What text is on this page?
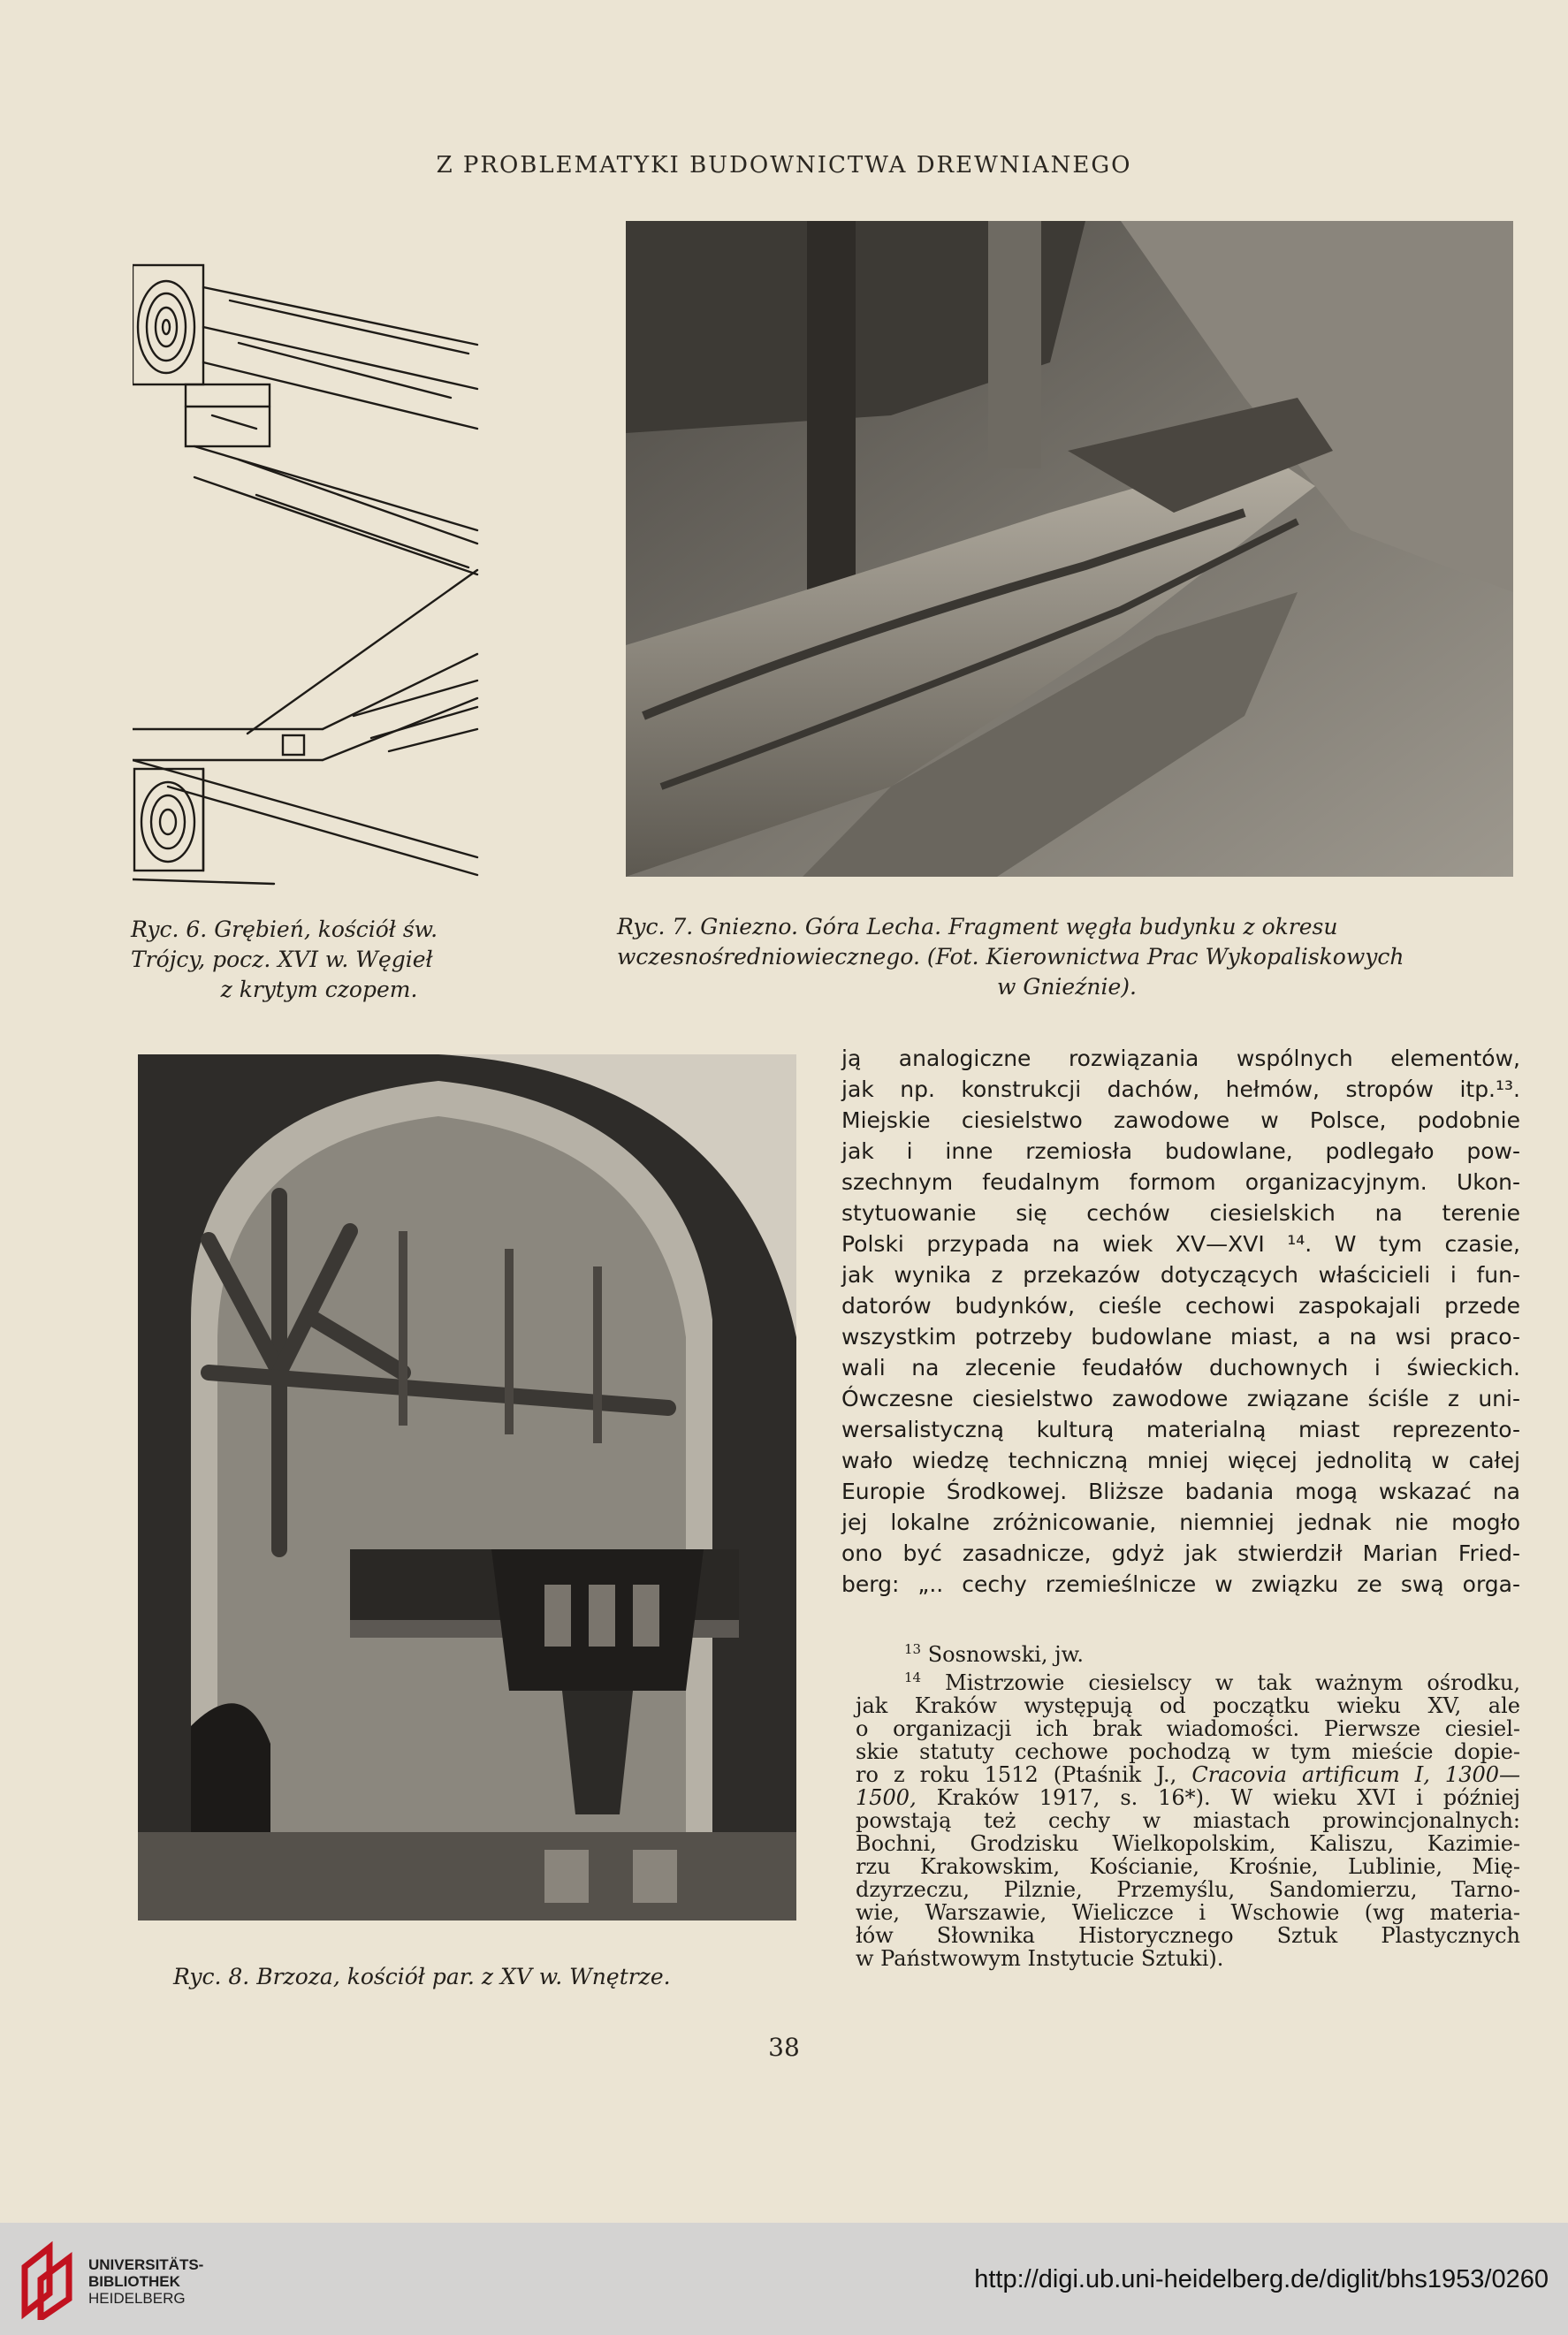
Z PROBLEMATYKI BUDOWNICTWA DREWNIANEGO
Ryc. 6. Grębień, kościół św.
Trójcy, pocz. XVI w. Węgieł
z krytym czopem.
Ryc. 7. Gniezno. Góra Lecha. Fragment węgła budynku z okresu
wczesnośredniowiecznego. (Fot. Kierownictwa Prac Wykopaliskowych
w Gnieźnie).
Ryc. 8. Brzoza, kościół par. z XV w. Wnętrze.

ją analogiczne rozwiązania wspólnych elementów,

jak np. konstrukcji dachów, hełmów, stropów itp.¹³.

Miejskie ciesielstwo zawodowe w Polsce, podobnie

jak i inne rzemiosła budowlane, podlegało pow-

szechnym feudalnym formom organizacyjnym. Ukon-

stytuowanie się cechów ciesielskich na terenie

Polski przypada na wiek XV—XVI ¹⁴. W tym czasie,

jak wynika z przekazów dotyczących właścicieli i fun-

datorów budynków, cieśle cechowi zaspokajali przede

wszystkim potrzeby budowlane miast, a na wsi praco-

wali na zlecenie feudałów duchownych i świeckich.

Ówczesne ciesielstwo zawodowe związane ściśle z uni-

wersalistyczną kulturą materialną miast reprezento-

wało wiedzę techniczną mniej więcej jednolitą w całej

Europie Środkowej. Bliższe badania mogą wskazać na

jej lokalne zróżnicowanie, niemniej jednak nie mogło

ono być zasadnicze, gdyż jak stwierdził Marian Fried-

berg: „.. cechy rzemieślnicze w związku ze swą orga-

$^{13}$ Sosnowski, jw.

$^{14}$ Mistrzowie ciesielscy w tak ważnym ośrodku,

jak Kraków występują od początku wieku XV, ale

o organizacji ich brak wiadomości. Pierwsze ciesiel-

skie statuty cechowe pochodzą w tym mieście dopie-

ro z roku 1512 (Ptaśnik J., Cracovia artificum I, 1300—

1500, Kraków 1917, s. 16*). W wieku XVI i później

powstają też cechy w miastach prowincjonalnych:

Bochni, Grodzisku Wielkopolskim, Kaliszu, Kazimie-

rzu Krakowskim, Kościanie, Krośnie, Lublinie, Mię-

dzyrzeczu, Pilznie, Przemyślu, Sandomierzu, Tarno-

wie, Warszawie, Wieliczce i Wschowie (wg materia-

łów Słownika Historycznego Sztuk Plastycznych

w Państwowym Instytucie Sztuki).

38
UNIVERSITÄTS-
BIBLIOTHEK
HEIDELBERG
http://digi.ub.uni-heidelberg.de/diglit/bhs1953/0260
